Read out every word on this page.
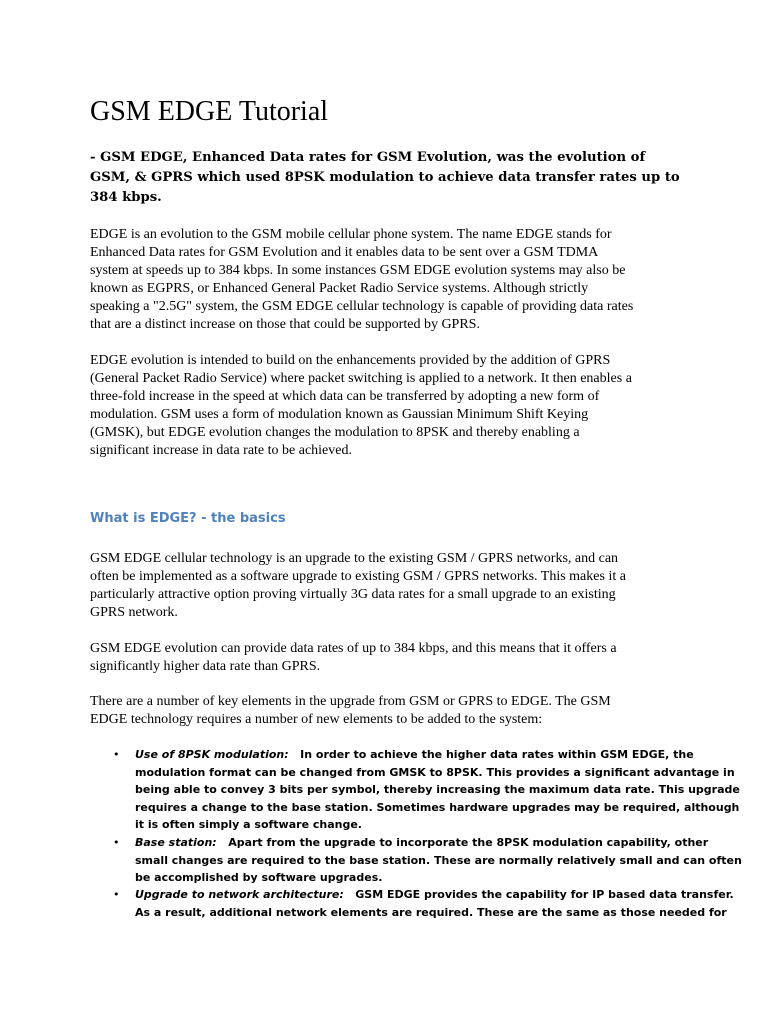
GSM EDGE Tutorial

- GSM EDGE, Enhanced Data rates for GSM Evolution, was the evolution of
GSM, & GPRS which used 8PSK modulation to achieve data transfer rates up to
384 kbps.

EDGE is an evolution to the GSM mobile cellular phone system. The name EDGE stands for
Enhanced Data rates for GSM Evolution and it enables data to be sent over a GSM TDMA
system at speeds up to 384 kbps. In some instances GSM EDGE evolution systems may also be
known as EGPRS, or Enhanced General Packet Radio Service systems. Although strictly
speaking a "2.5G" system, the GSM EDGE cellular technology is capable of providing data rates
that are a distinct increase on those that could be supported by GPRS.

EDGE evolution is intended to build on the enhancements provided by the addition of GPRS
(General Packet Radio Service) where packet switching is applied to a network. It then enables a
three-fold increase in the speed at which data can be transferred by adopting a new form of
modulation. GSM uses a form of modulation known as Gaussian Minimum Shift Keying
(GMSK), but EDGE evolution changes the modulation to 8PSK and thereby enabling a
significant increase in data rate to be achieved.

What is EDGE? - the basics

GSM EDGE cellular technology is an upgrade to the existing GSM / GPRS networks, and can
often be implemented as a software upgrade to existing GSM / GPRS networks. This makes it a
particularly attractive option proving virtually 3G data rates for a small upgrade to an existing
GPRS network.

GSM EDGE evolution can provide data rates of up to 384 kbps, and this means that it offers a
significantly higher data rate than GPRS.

There are a number of key elements in the upgrade from GSM or GPRS to EDGE. The GSM
EDGE technology requires a number of new elements to be added to the system:

• Use of 8PSK modulation:   In order to achieve the higher data rates within GSM EDGE, the
modulation format can be changed from GMSK to 8PSK. This provides a significant advantage in
being able to convey 3 bits per symbol, thereby increasing the maximum data rate. This upgrade
requires a change to the base station. Sometimes hardware upgrades may be required, although
it is often simply a software change.
• Base station:   Apart from the upgrade to incorporate the 8PSK modulation capability, other
small changes are required to the base station. These are normally relatively small and can often
be accomplished by software upgrades.
• Upgrade to network architecture:   GSM EDGE provides the capability for IP based data transfer.
As a result, additional network elements are required. These are the same as those needed for
